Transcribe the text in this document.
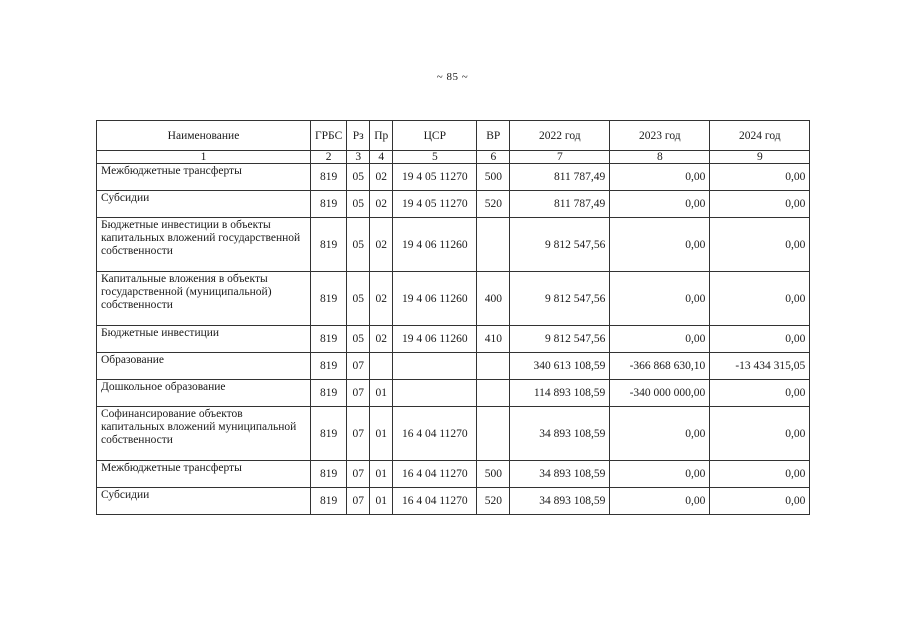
~ 85 ~
Наименование	ГРБС	Рз	Пр	ЦСР	ВР	2022 год	2023 год	2024 год
1	2	3	4	5	6	7	8	9
Межбюджетные трансферты	819	05	02	19 4 05 11270	500	811 787,49	0,00	0,00
Субсидии	819	05	02	19 4 05 11270	520	811 787,49	0,00	0,00
Бюджетные инвестиции в объекты капитальных вложений государственной собственности	819	05	02	19 4 06 11260		9 812 547,56	0,00	0,00
Капитальные вложения в объекты государственной (муниципальной) собственности	819	05	02	19 4 06 11260	400	9 812 547,56	0,00	0,00
Бюджетные инвестиции	819	05	02	19 4 06 11260	410	9 812 547,56	0,00	0,00
Образование	819	07				340 613 108,59	-366 868 630,10	-13 434 315,05
Дошкольное образование	819	07	01			114 893 108,59	-340 000 000,00	0,00
Софинансирование объектов капитальных вложений муниципальной собственности	819	07	01	16 4 04 11270		34 893 108,59	0,00	0,00
Межбюджетные трансферты	819	07	01	16 4 04 11270	500	34 893 108,59	0,00	0,00
Субсидии	819	07	01	16 4 04 11270	520	34 893 108,59	0,00	0,00
